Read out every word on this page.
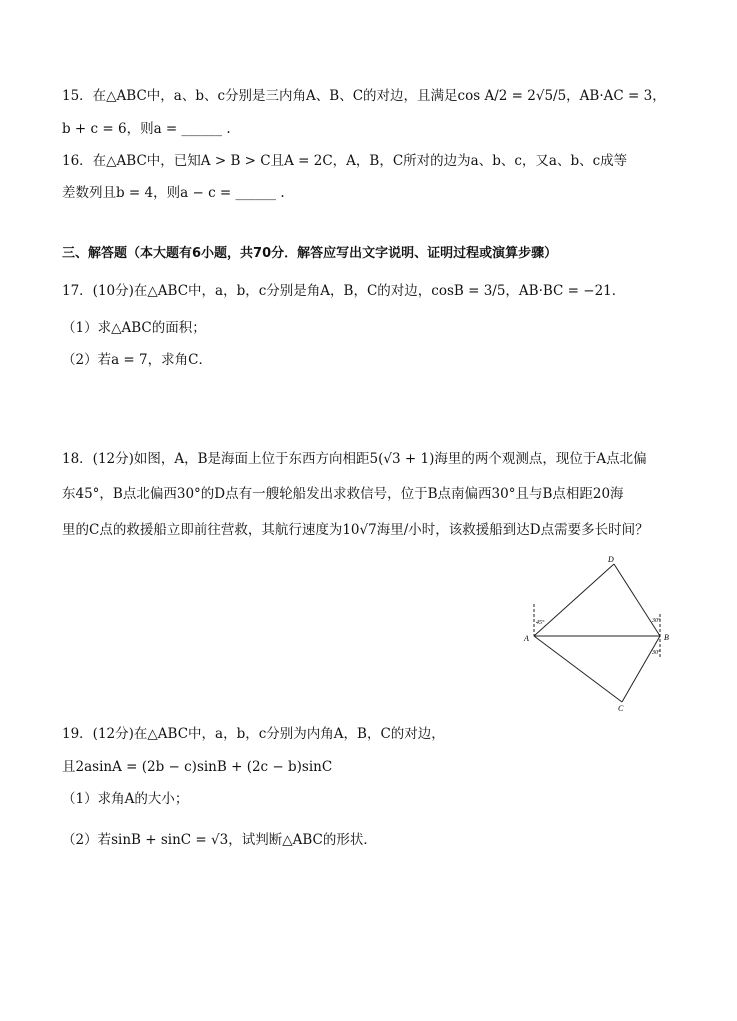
15．在△ABC中，a、b、c分别是三内角A、B、C的对边，且满足cos A/2 = 2√5/5，AB·AC = 3，
b + c = 6，则a = ______ .
16．在△ABC中，已知A > B > C且A = 2C，A，B，C所对的边为a、b、c，又a、b、c成等
差数列且b = 4，则a − c = ______ .
三、解答题（本大题有6小题，共70分．解答应写出文字说明、证明过程或演算步骤）
17．(10分)在△ABC中，a，b，c分别是角A，B，C的对边，cosB = 3/5，AB·BC = −21．
（1）求△ABC的面积；
（2）若a = 7，求角C．
18．(12分)如图，A，B是海面上位于东西方向相距5(√3 + 1)海里的两个观测点，现位于A点北偏
东45°，B点北偏西30°的D点有一艘轮船发出求救信号，位于B点南偏西30°且与B点相距20海
里的C点的救援船立即前往营救，其航行速度为10√7海里/小时，该救援船到达D点需要多长时间？
D
A	B
C
45°	30°
30°
19．(12分)在△ABC中，a，b，c分别为内角A，B，C的对边，
且2asinA = (2b − c)sinB + (2c − b)sinC
（1）求角A的大小；
（2）若sinB + sinC = √3，试判断△ABC的形状．
